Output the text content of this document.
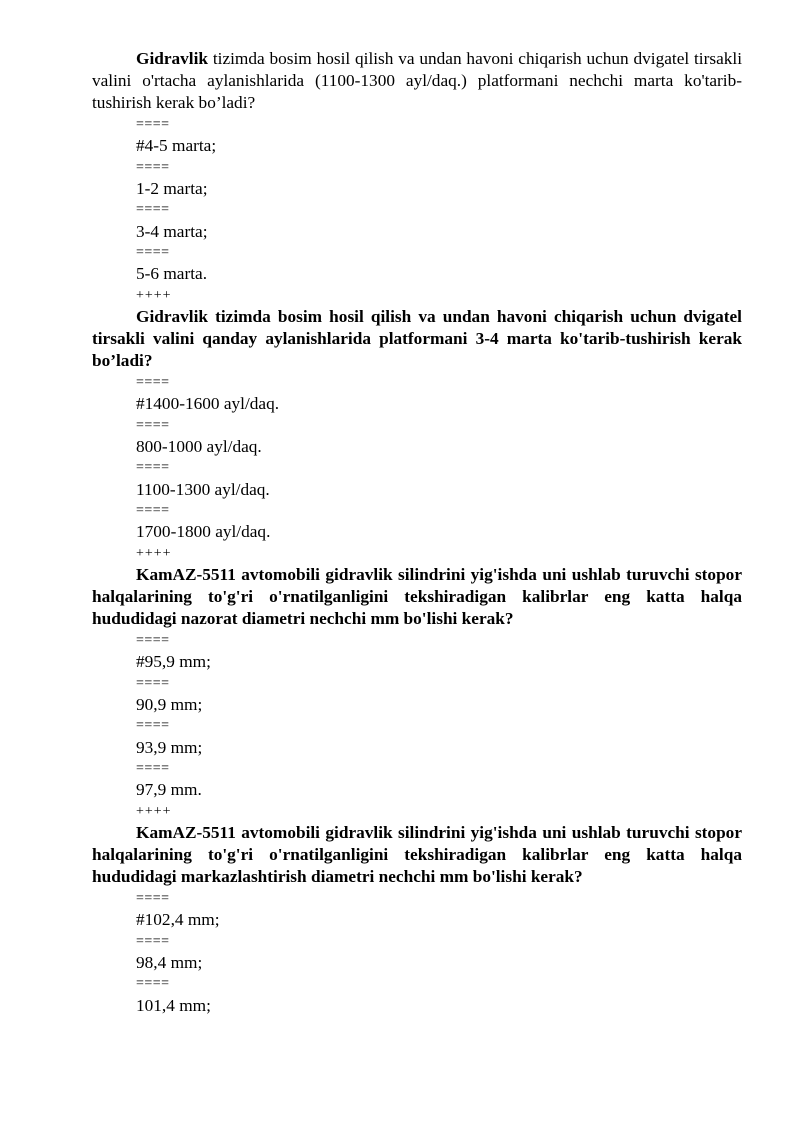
Gidravlik tizimda bosim hosil qilish va undan havoni chiqarish uchun dvigatel tirsakli valini o'rtacha aylanishlarida (1100-1300 ayl/daq.) platformani nechchi marta ko'tarib-tushirish kerak bo’ladi?

====
#4-5 marta;
====
1-2 marta;
====
3-4 marta;
====
5-6 marta.
++++

Gidravlik tizimda bosim hosil qilish va undan havoni chiqarish uchun dvigatel tirsakli valini qanday aylanishlarida platformani 3-4 marta ko'tarib-tushirish kerak bo’ladi?

====
#1400-1600 ayl/daq.
====
800-1000 ayl/daq.
====
1100-1300 ayl/daq.
====
1700-1800 ayl/daq.
++++

KamAZ-5511 avtomobili gidravlik silindrini yig'ishda uni ushlab turuvchi stopor halqalarining to'g'ri o'rnatilganligini tekshiradigan kalibrlar eng katta halqa hududidagi nazorat diametri nechchi mm bo'lishi kerak?

====
#95,9 mm;
====
90,9 mm;
====
93,9 mm;
====
97,9 mm.
++++

KamAZ-5511 avtomobili gidravlik silindrini yig'ishda uni ushlab turuvchi stopor halqalarining to'g'ri o'rnatilganligini tekshiradigan kalibrlar eng katta halqa hududidagi markazlashtirish diametri nechchi mm bo'lishi kerak?

====
#102,4 mm;
====
98,4 mm;
====
101,4 mm;
